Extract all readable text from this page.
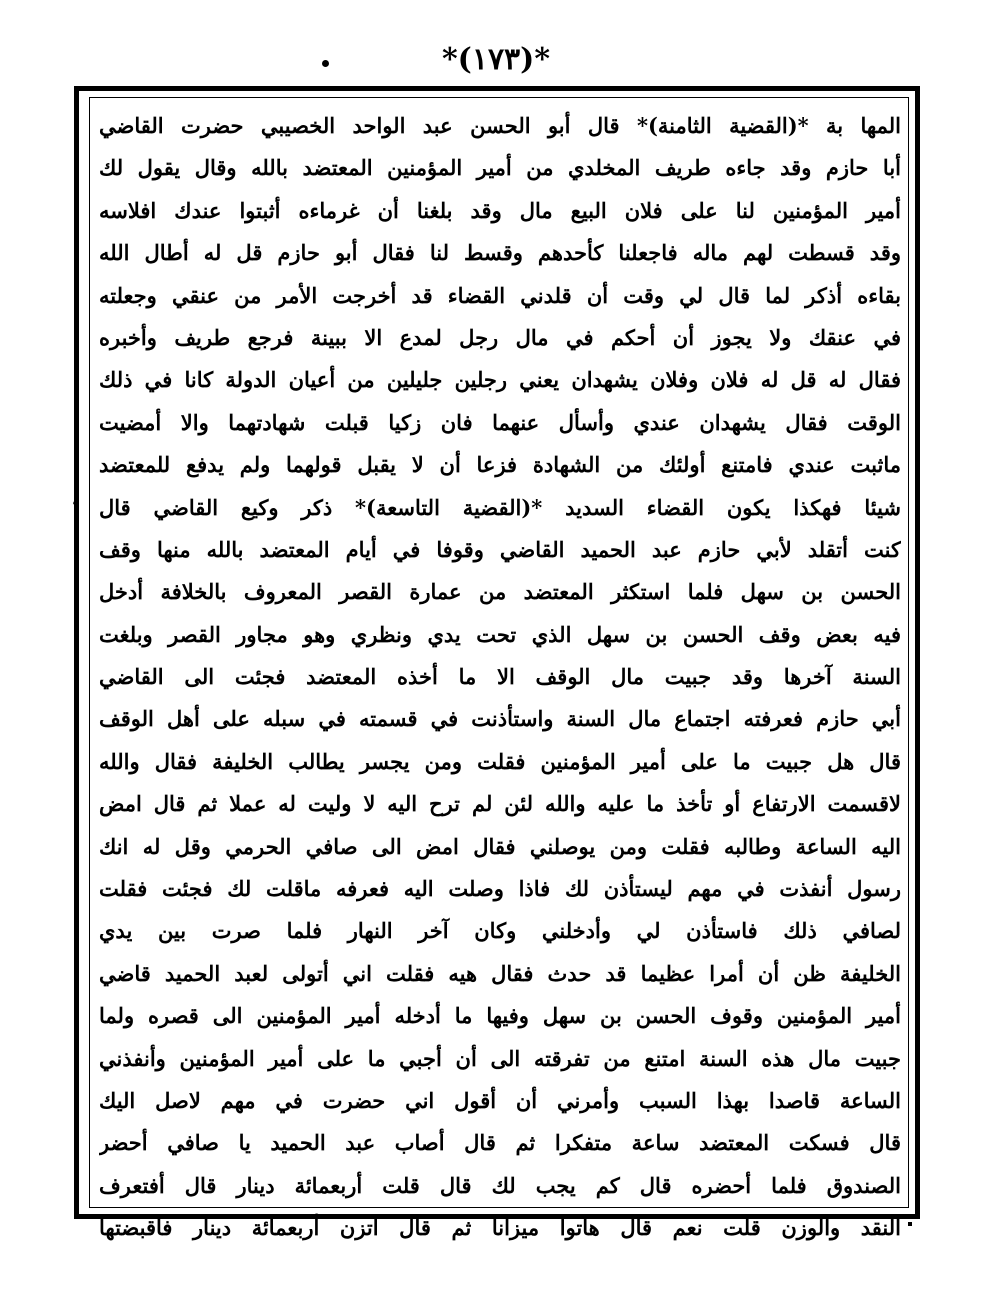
*(١٧٣)*
،
المها بة *(القضية الثامنة)* قال أبو الحسن عبد الواحد الخصيبي حضرت القاضي
أبا حازم وقد جاءه طريف المخلدي من أمير المؤمنين المعتضد بالله وقال يقول لك
أمير المؤمنين لنا على فلان البيع مال وقد بلغنا أن غرماءه أثبتوا عندك افلاسه
وقد قسطت لهم ماله فاجعلنا كأحدهم وقسط لنا فقال أبو حازم قل له أطال الله
بقاءه أذكر لما قال لي وقت أن قلدني القضاء قد أخرجت الأمر من عنقي وجعلته
في عنقك ولا يجوز أن أحكم في مال رجل لمدع الا ببينة فرجع طريف وأخبره
فقال له قل له فلان وفلان يشهدان يعني رجلين جليلين من أعيان الدولة كانا في ذلك
الوقت فقال يشهدان عندي وأسأل عنهما فان زكيا قبلت شهادتهما والا أمضيت
ماثبت عندي فامتنع أولئك من الشهادة فزعا أن لا يقبل قولهما ولم يدفع للمعتضد
شيئا فهكذا يكون القضاء السديد *(القضية التاسعة)* ذكر وكيع القاضي قال
كنت أتقلد لأبي حازم عبد الحميد القاضي وقوفا في أيام المعتضد بالله منها وقف
الحسن بن سهل فلما استكثر المعتضد من عمارة القصر المعروف بالخلافة أدخل
فيه بعض وقف الحسن بن سهل الذي تحت يدي ونظري وهو مجاور القصر وبلغت
السنة آخرها وقد جبيت مال الوقف الا ما أخذه المعتضد فجئت الى القاضي
أبي حازم فعرفته اجتماع مال السنة واستأذنت في قسمته في سبله على أهل الوقف
قال هل جبيت ما على أمير المؤمنين فقلت ومن يجسر يطالب الخليفة فقال والله
لاقسمت الارتفاع أو تأخذ ما عليه والله لئن لم ترح اليه لا وليت له عملا ثم قال امض
اليه الساعة وطالبه فقلت ومن يوصلني فقال امض الى صافي الحرمي وقل له انك
رسول أنفذت في مهم ليستأذن لك فاذا وصلت اليه فعرفه ماقلت لك فجئت فقلت
لصافي ذلك فاستأذن لي وأدخلني وكان آخر النهار فلما صرت بين يدي
الخليفة ظن أن أمرا عظيما قد حدث فقال هيه فقلت اني أتولى لعبد الحميد قاضي
أمير المؤمنين وقوف الحسن بن سهل وفيها ما أدخله أمير المؤمنين الى قصره ولما
جبيت مال هذه السنة امتنع من تفرقته الى أن أجبي ما على أمير المؤمنين وأنفذني
الساعة قاصدا بهذا السبب وأمرني أن أقول اني حضرت في مهم لاصل اليك
قال فسكت المعتضد ساعة متفكرا ثم قال أصاب عبد الحميد يا صافي أحضر
الصندوق فلما أحضره قال كم يجب لك قال قلت أربعمائة دينار قال أفتعرف
النقد والوزن قلت نعم قال هاتوا ميزانا ثم قال اتزن أربعمائة دينار فاقبضتها
